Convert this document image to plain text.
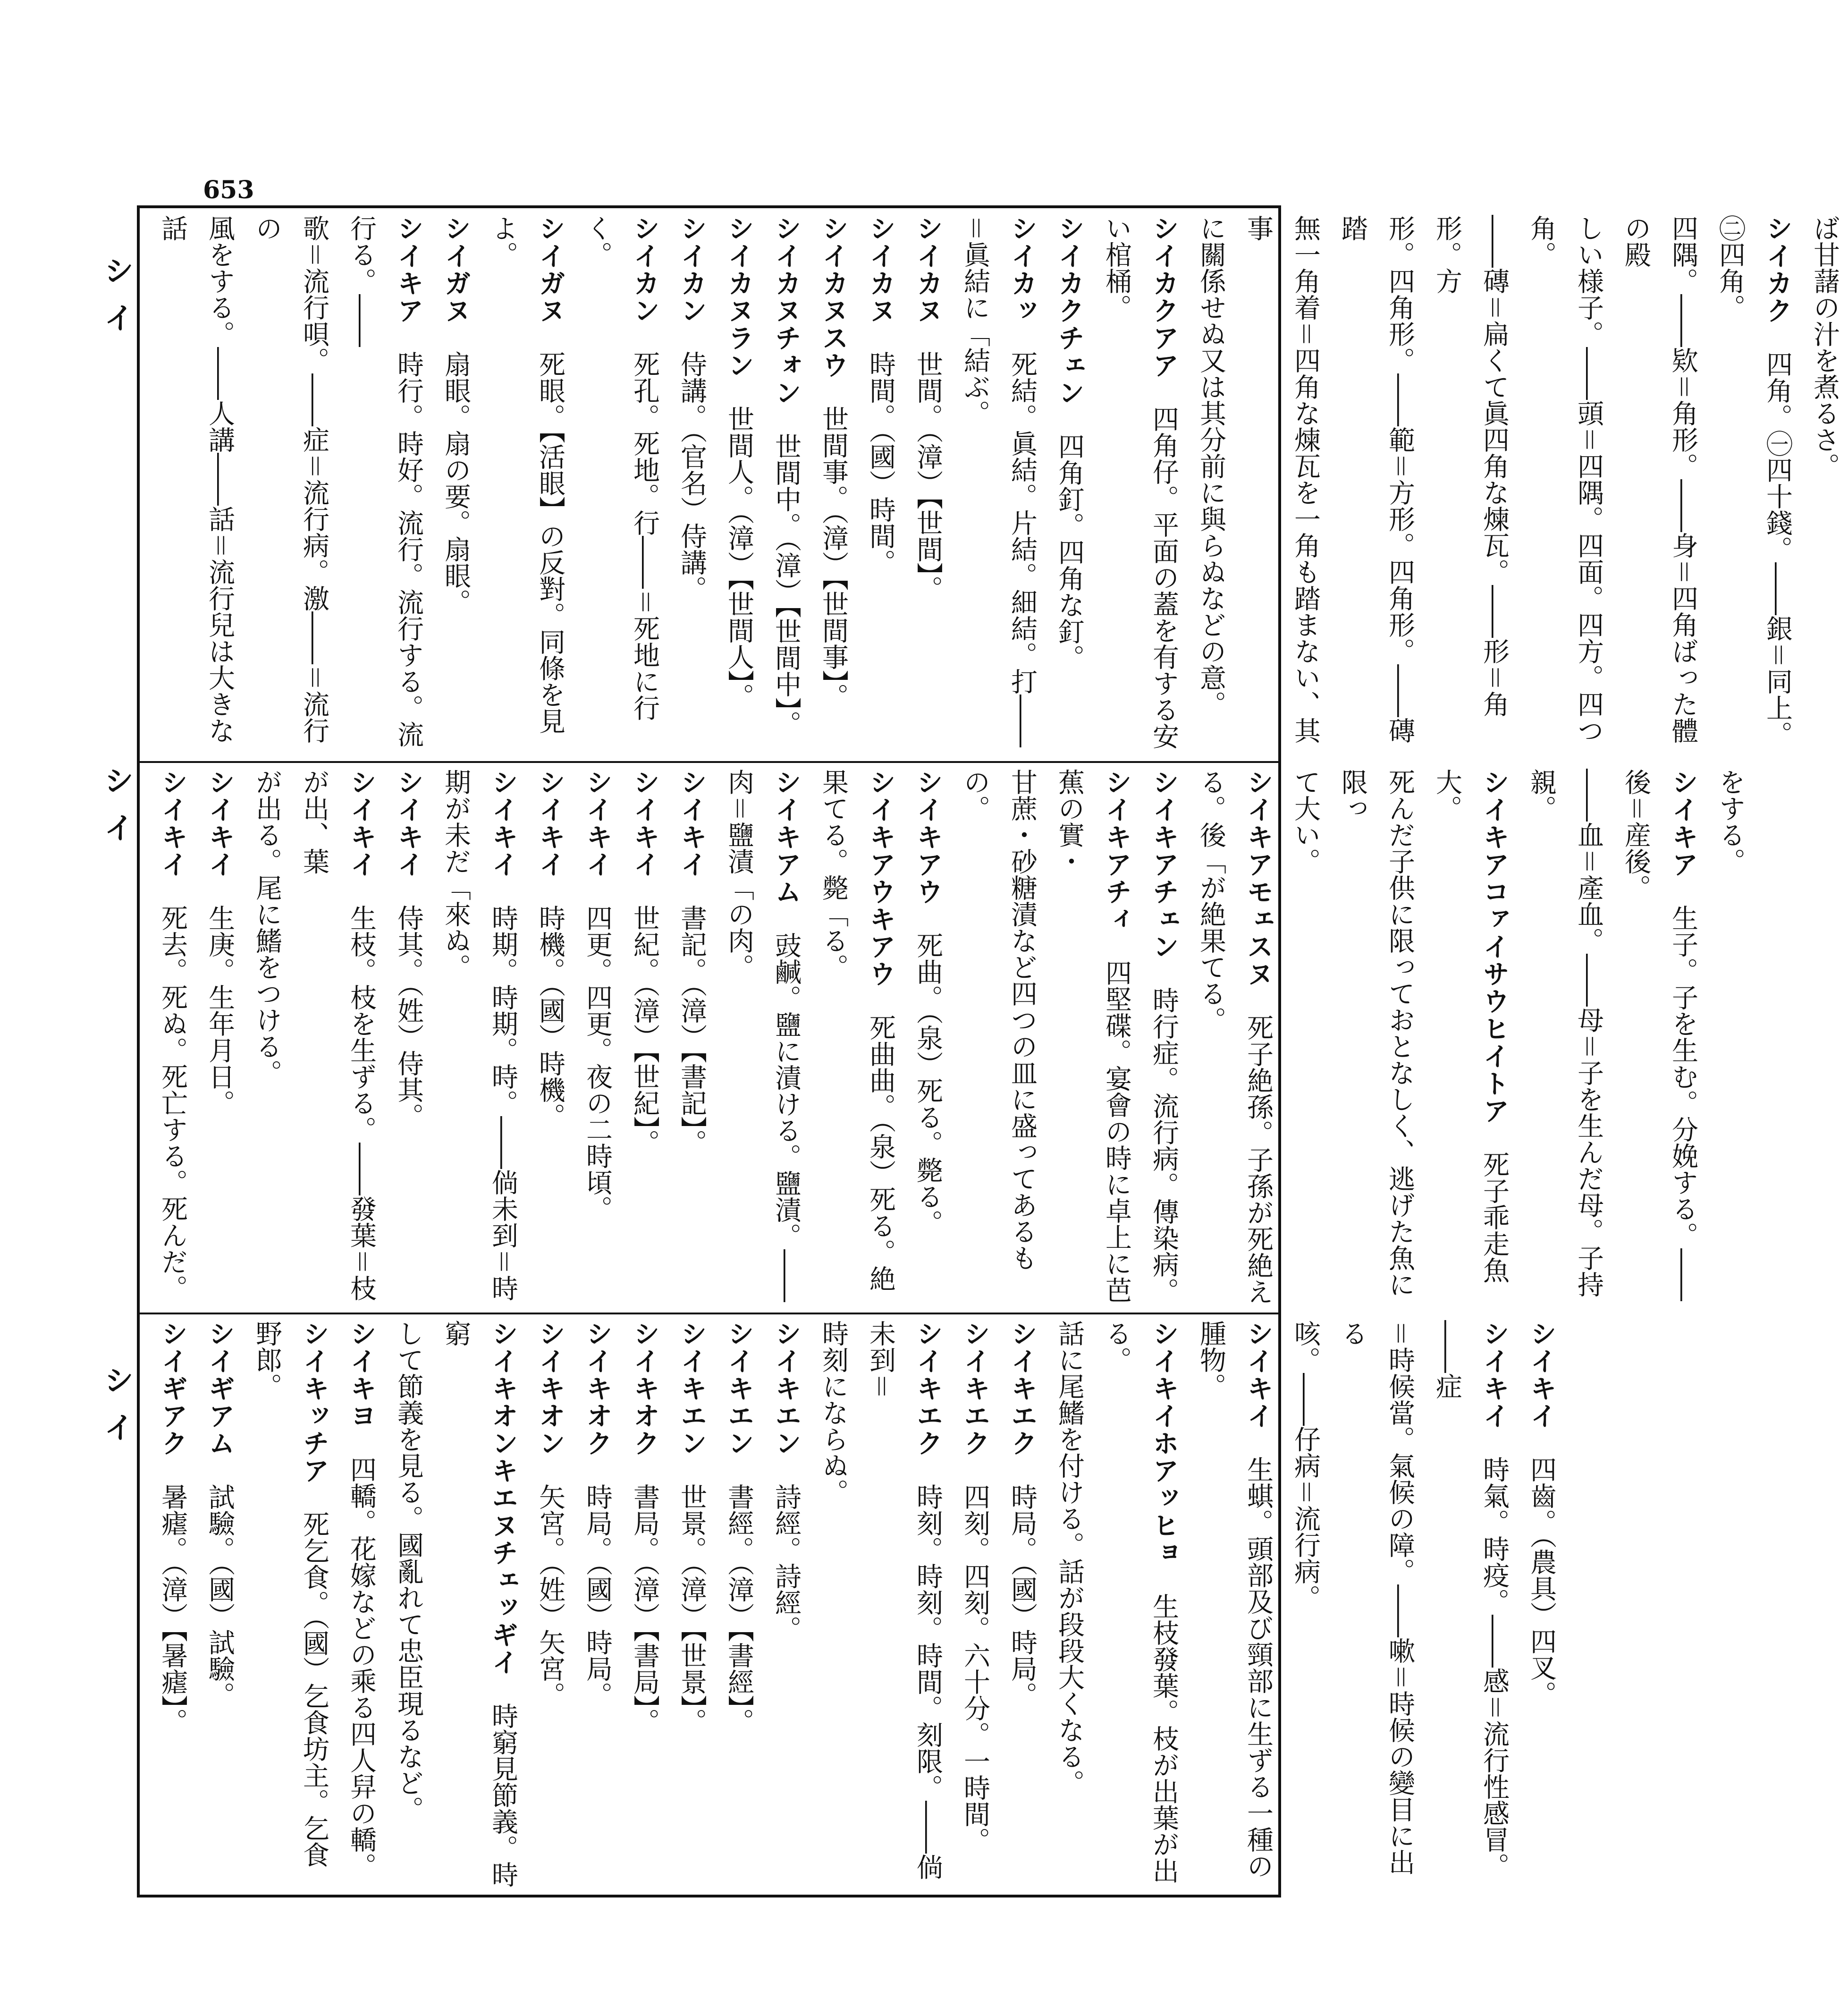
653
シイ
シイ
シイ

ば甘藷の汁を煮るさ。

シイカク　四角。㊀四十錢。――銀＝同上。㊁四角。

四隅。――欵＝角形。――身＝四角ばった體の殿

しい様子。――頭＝四隅。四面。四方。四つ角。

――磚＝扁くて眞四角な煉瓦。――形＝角形。方

形。四角形。――範＝方形。四角形。――磚踏

無一角着＝四角な煉瓦を一角も踏まない、其事

に關係せぬ又は其分前に與らぬなどの意。

シイカクアア　四角仔。平面の蓋を有する安い棺桶。

シイカクチェン　四角釘。四角な釘。

シイカッ　死結。眞結。片結。細結。打――＝眞結に「結ぶ。

シイカヌ　世間。（漳）【世間】。

シイカヌ　時間。（國）時間。

シイカヌスウ　世間事。（漳）【世間事】。

シイカヌチォン　世間中。（漳）【世間中】。

シイカヌラン　世間人。（漳）【世間人】。

シイカン　侍講。（官名）侍講。

シイカン　死孔。死地。行――＝死地に行く。

シイガヌ　死眼。【活眼】の反對。同條を見よ。

シイガヌ　扇眼。扇の要。扇眼。

シイキア　時行。時好。流行。流行する。流行る。――

歌＝流行唄。――症＝流行病。激――＝流行の

風をする。――人講――話＝流行兒は大きな話

をする。

シイキア　生子。子を生む。分娩する。――後＝産後。

――血＝產血。――母＝子を生んだ母。子持親。

シイキアコァイサウヒイトア　死子乖走魚大。

死んだ子供に限っておとなしく、逃げた魚に限っ

て大い。

シイキアモェスヌ　死子絶孫。子孫が死絶える。後「が絶果てる。

シイキアチェン　時行症。流行病。傳染病。

シイキアチィ　四堅碟。宴會の時に卓上に芭蕉の實・

甘蔗・砂糖漬など四つの皿に盛ってあるもの。

シイキアウ　死曲。（泉）死る。斃る。

シイキアウキアウ　死曲曲。（泉）死る。絶果てる。斃「る。

シイキアム　豉鹹。鹽に漬ける。鹽漬。――肉＝鹽漬「の肉。

シイキイ　書記。（漳）【書記】。

シイキイ　世紀。（漳）【世紀】。

シイキイ　四更。四更。夜の二時頃。

シイキイ　時機。（國）時機。

シイキイ　時期。時期。時。――倘未到＝時期が未だ「來ぬ。

シイキイ　侍其。（姓）侍其。

シイキイ　生枝。枝を生ずる。――發葉＝枝が出、葉

が出る。尾に鰭をつける。

シイキイ　生庚。生年月日。

シイキイ　死去。死ぬ。死亡する。死んだ。

シイキイ　四齒。（農具）四叉。

シイキイ　時氣。時疫。――感＝流行性感冒。――症

＝時候當。氣候の障。――嗽＝時候の變目に出る

咳。――仔病＝流行病。

シイキイ　生蜞。頭部及び頸部に生ずる一種の腫物。

シイキイホアッヒョ　生枝發葉。枝が出葉が出る。

話に尾鰭を付ける。話が段段大くなる。

シイキエク　時局。（國）時局。

シイキエク　四刻。四刻。六十分。一時間。

シイキエク　時刻。時刻。時間。刻限。――倘未到＝

時刻にならぬ。

シイキエン　詩經。詩經。

シイキエン　書經。（漳）【書經】。

シイキエン　世景。（漳）【世景】。

シイキオク　書局。（漳）【書局】。

シイキオク　時局。（國）時局。

シイキオン　矢宮。（姓）矢宮。

シイキオンキエヌチェッギイ　時窮見節義。時窮

して節義を見る。國亂れて忠臣現るなど。

シイキヨ　四轎。花嫁などの乘る四人舁の轎。

シイキッチア　死乞食。（國）乞食坊主。乞食野郎。

シイギアム　試驗。（國）試驗。

シイギアク　暑瘧。（漳）【暑瘧】。
